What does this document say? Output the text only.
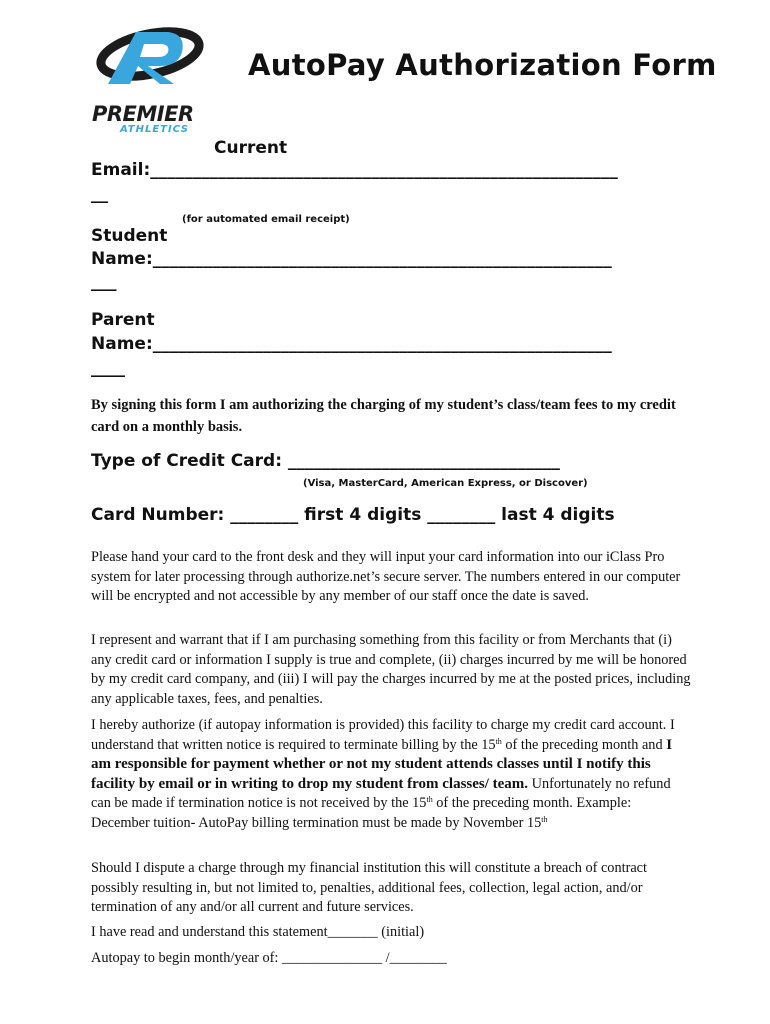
PREMIER
ATHLETICS
AutoPay Authorization Form
Current
Email:_______________________________________________________
__
(for automated email receipt)
Student
Name:______________________________________________________
___
Parent
Name:______________________________________________________
____
By signing this form I am authorizing the charging of my student’s class/team fees to my credit card on a monthly basis.
Type of Credit Card: ________________________________
(Visa, MasterCard, American Express, or Discover)
Card Number: ________ first 4 digits ________ last 4 digits
Please hand your card to the front desk and they will input your card information into our iClass Pro system for later processing through authorize.net’s secure server. The numbers entered in our computer will be encrypted and not accessible by any member of our staff once the date is saved.
I represent and warrant that if I am purchasing something from this facility or from Merchants that (i) any credit card or information I supply is true and complete, (ii) charges incurred by me will be honored by my credit card company, and (iii) I will pay the charges incurred by me at the posted prices, including any applicable taxes, fees, and penalties.
I hereby authorize (if autopay information is provided) this facility to charge my credit card account. I understand that written notice is required to terminate billing by the 15th of the preceding month and I am responsible for payment whether or not my student attends classes until I notify this facility by email or in writing to drop my student from classes/ team. Unfortunately no refund can be made if termination notice is not received by the 15th of the preceding month. Example: December tuition- AutoPay billing termination must be made by November 15th
Should I dispute a charge through my financial institution this will constitute a breach of contract possibly resulting in, but not limited to, penalties, additional fees, collection, legal action, and/or termination of any and/or all current and future services.
I have read and understand this statement_______ (initial)
Autopay to begin month/year of: ______________ /________
